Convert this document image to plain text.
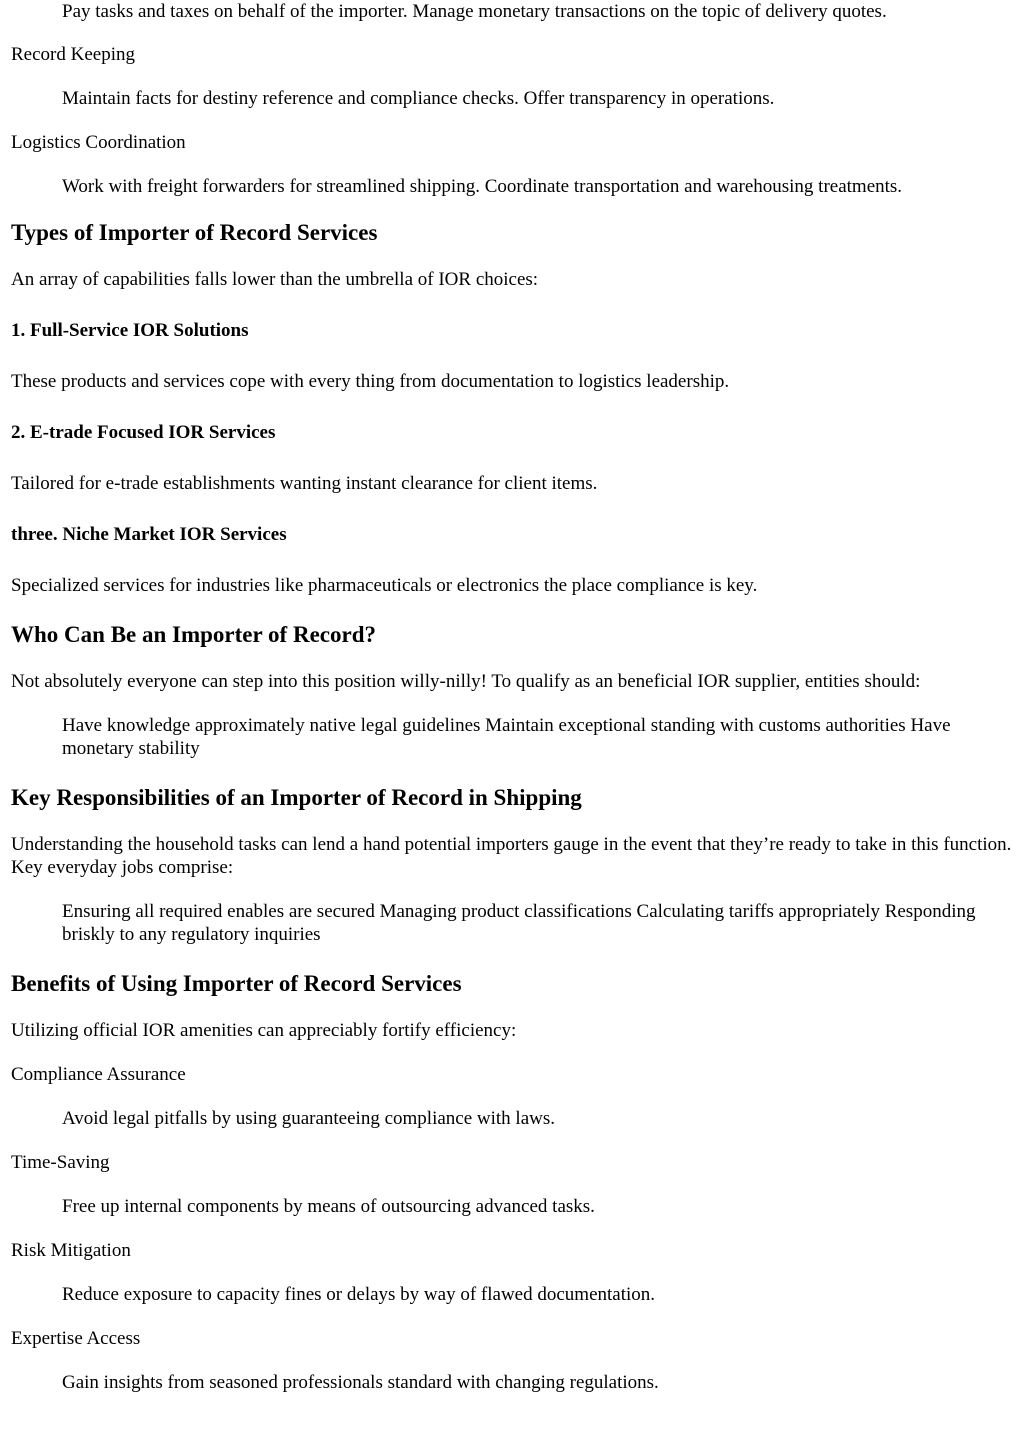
Pay tasks and taxes on behalf of the importer. Manage monetary transactions on the topic of delivery quotes.

Record Keeping

Maintain facts for destiny reference and compliance checks. Offer transparency in operations.

Logistics Coordination

Work with freight forwarders for streamlined shipping. Coordinate transportation and warehousing treatments.

Types of Importer of Record Services

An array of capabilities falls lower than the umbrella of IOR choices:

1. Full-Service IOR Solutions

These products and services cope with every thing from documentation to logistics leadership.

2. E-trade Focused IOR Services

Tailored for e-trade establishments wanting instant clearance for client items.

three. Niche Market IOR Services

Specialized services for industries like pharmaceuticals or electronics the place compliance is key.

Who Can Be an Importer of Record?

Not absolutely everyone can step into this position willy-nilly! To qualify as an beneficial IOR supplier, entities should:

Have knowledge approximately native legal guidelines Maintain exceptional standing with customs authorities Have monetary stability

Key Responsibilities of an Importer of Record in Shipping

Understanding the household tasks can lend a hand potential importers gauge in the event that they’re ready to take in this function. Key everyday jobs comprise:

Ensuring all required enables are secured Managing product classifications Calculating tariffs appropriately Responding briskly to any regulatory inquiries

Benefits of Using Importer of Record Services

Utilizing official IOR amenities can appreciably fortify efficiency:

Compliance Assurance

Avoid legal pitfalls by using guaranteeing compliance with laws.

Time-Saving

Free up internal components by means of outsourcing advanced tasks.

Risk Mitigation

Reduce exposure to capacity fines or delays by way of flawed documentation.

Expertise Access

Gain insights from seasoned professionals standard with changing regulations.
